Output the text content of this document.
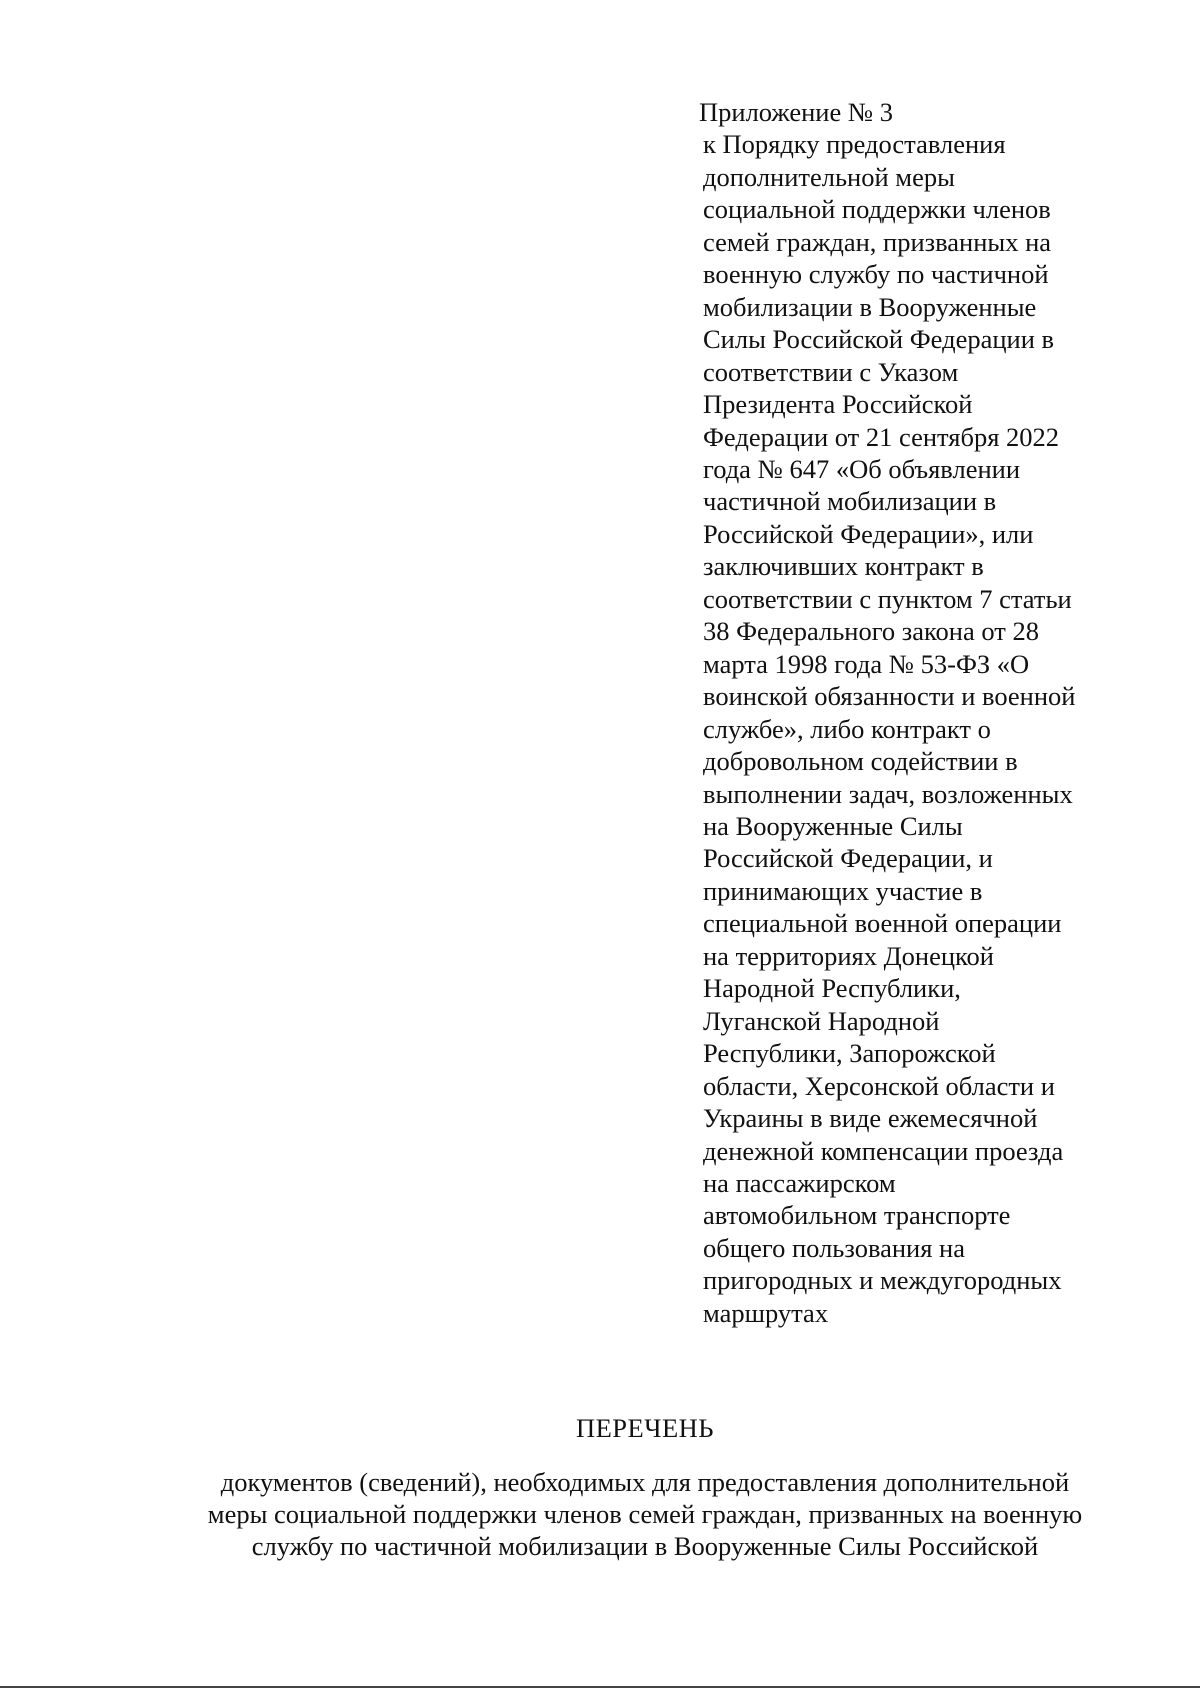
Приложение № 3
к Порядку предоставления
дополнительной меры
социальной поддержки членов
семей граждан, призванных на
военную службу по частичной
мобилизации в Вооруженные
Силы Российской Федерации в
соответствии с Указом
Президента Российской
Федерации от 21 сентября 2022
года № 647 «Об объявлении
частичной мобилизации в
Российской Федерации», или
заключивших контракт в
соответствии с пунктом 7 статьи
38 Федерального закона от 28
марта 1998 года № 53-ФЗ «О
воинской обязанности и военной
службе», либо контракт о
добровольном содействии в
выполнении задач, возложенных
на Вооруженные Силы
Российской Федерации, и
принимающих участие в
специальной военной операции
на территориях Донецкой
Народной Республики,
Луганской Народной
Республики, Запорожской
области, Херсонской области и
Украины в виде ежемесячной
денежной компенсации проезда
на пассажирском
автомобильном транспорте
общего пользования на
пригородных и междугородных
маршрутах
ПЕРЕЧЕНЬ
документов (сведений), необходимых для предоставления дополнительной
меры социальной поддержки членов семей граждан, призванных на военную
службу по частичной мобилизации в Вооруженные Силы Российской
